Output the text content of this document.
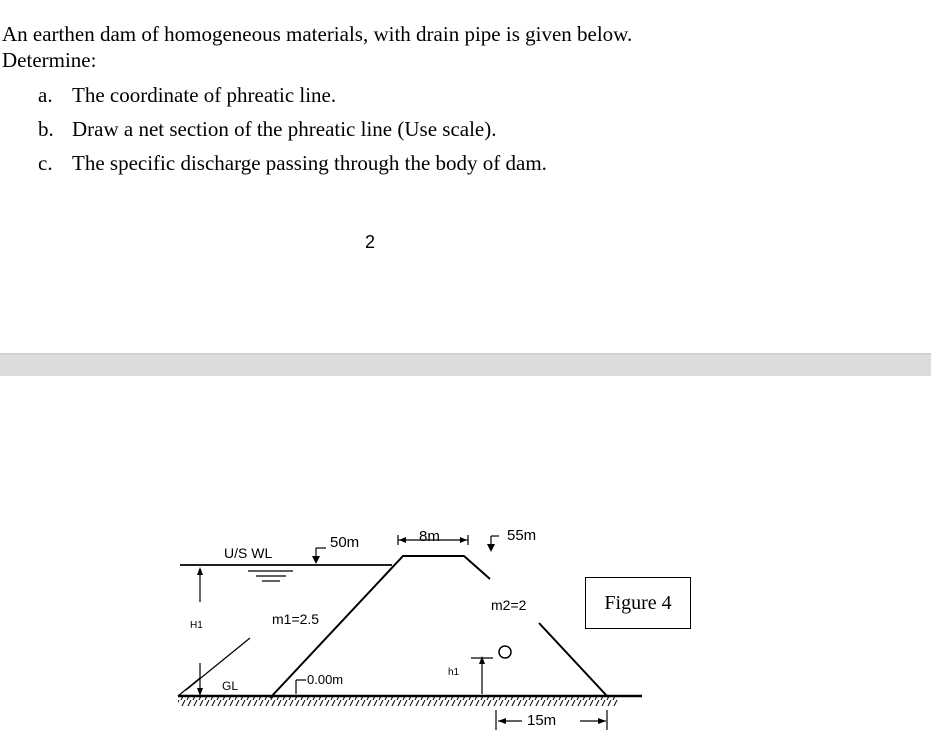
An earthen dam of homogeneous materials, with drain pipe is given below.
Determine:
a. The coordinate of phreatic line.
b. Draw a net section of the phreatic line (Use scale).
c. The specific discharge passing through the body of dam.
2
U/S WL
50m	8m	55m
m1=2.5
m2=2
H1
h1
GL	0.00m
15m
Figure 4
